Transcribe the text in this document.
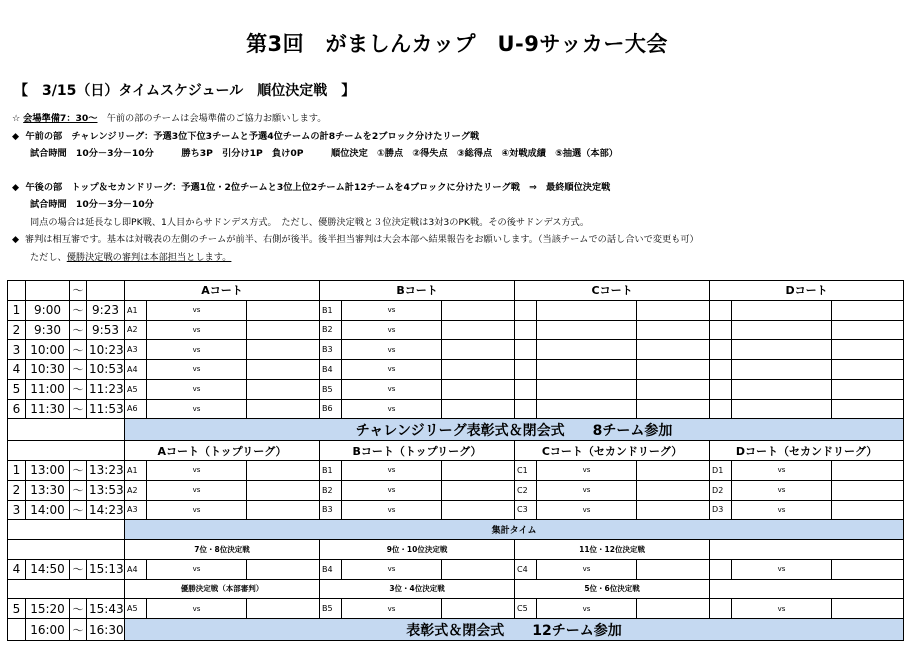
第3回　がましんカップ　U-9サッカー大会
【　3/15（日）タイムスケジュール　順位決定戦　】
☆ 会場準備7：30～　午前の部のチームは会場準備のご協力お願いします。
◆  午前の部　チャレンジリーグ：予選3位下位3チームと予選4位チームの計8チームを2ブロック分けたリーグ戦
試合時間　10分－3分－10分　　　勝ち3P　引分け1P　負け0P　　　順位決定　①勝点　②得失点　③総得点　④対戦成績　⑤抽選（本部）
◆  午後の部　トップ＆セカンドリーグ：予選1位・2位チームと3位上位2チーム計12チームを4ブロックに分けたリーグ戦　⇒　最終順位決定戦
試合時間　10分－3分－10分
同点の場合は延長なし即PK戦、1人目からサドンデス方式。　ただし、優勝決定戦と３位決定戦は3対3のPK戦。その後サドンデス方式。
◆  審判は相互審です。基本は対戦表の左側のチームが前半、右側が後半。後半担当審判は大会本部へ結果報告をお願いします。（当該チームでの話し合いで変更も可）
ただし、優勝決定戦の審判は本部担当とします。
		～		Aコート			Bコート			Cコート			Dコート		
1	9:00	～	9:23	A1	vs		B1	vs							
2	9:30	～	9:53	A2	vs		B2	vs							
3	10:00	～	10:23	A3	vs		B3	vs							
4	10:30	～	10:53	A4	vs		B4	vs							
5	11:00	～	11:23	A5	vs		B5	vs							
6	11:30	～	11:53	A6	vs		B6	vs							
				チャレンジリーグ表彰式＆閉会式　　8チーム参加											
				Aコート（トップリーグ）			Bコート（トップリーグ）			Cコート（セカンドリーグ）			Dコート（セカンドリーグ）		
1	13:00	～	13:23	A1	vs		B1	vs		C1	vs		D1	vs	
2	13:30	～	13:53	A2	vs		B2	vs		C2	vs		D2	vs	
3	14:00	～	14:23	A3	vs		B3	vs		C3	vs		D3	vs	
				集計タイム											
				7位・8位決定戦			9位・10位決定戦			11位・12位決定戦					
4	14:50	～	15:13	A4	vs		B4	vs		C4	vs			vs	
				優勝決定戦（本部審判）			3位・4位決定戦			5位・6位決定戦					
5	15:20	～	15:43	A5	vs		B5	vs		C5	vs			vs	
	16:00	～	16:30	表彰式＆閉会式　　12チーム参加											
